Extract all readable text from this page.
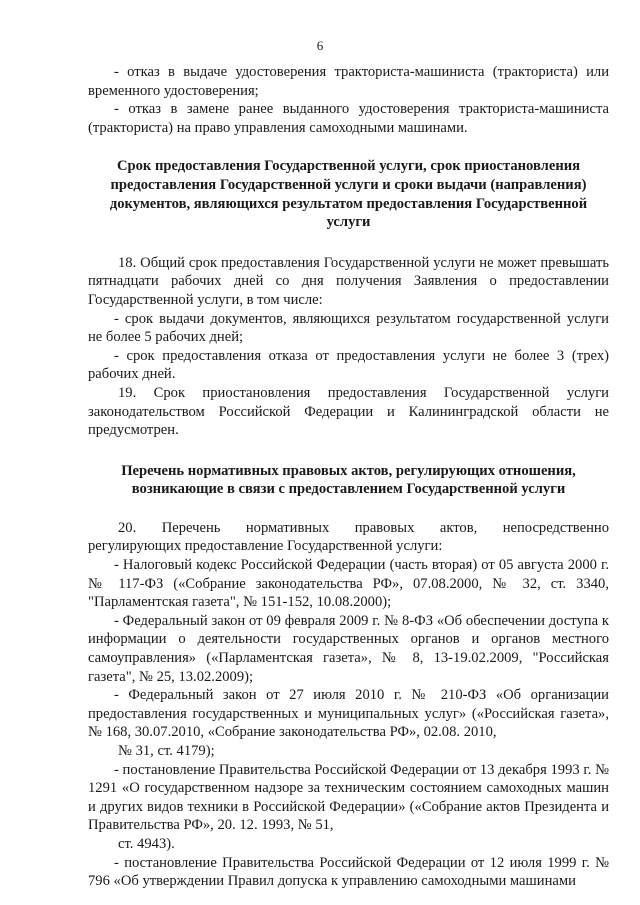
6

- отказ в выдаче удостоверения тракториста-машиниста (тракториста) или временного удостоверения;

- отказ в замене ранее выданного удостоверения тракториста-машиниста (тракториста) на право управления самоходными машинами.

Срок предоставления Государственной услуги, срок приостановления предоставления Государственной услуги и сроки выдачи (направления) документов, являющихся результатом предоставления Государственной услуги

18. Общий срок предоставления Государственной услуги не может превышать пятнадцати рабочих дней со дня получения Заявления о предоставлении Государственной услуги, в том числе:

- срок выдачи документов, являющихся результатом государственной услуги не более 5 рабочих дней;

- срок предоставления отказа от предоставления услуги не более 3 (трех) рабочих дней.

19. Срок приостановления предоставления Государственной услуги законодательством Российской Федерации и Калининградской области не предусмотрен.

Перечень нормативных правовых актов, регулирующих отношения, возникающие в связи с предоставлением Государственной услуги

20. Перечень нормативных правовых актов, непосредственно

регулирующих предоставление Государственной услуги:

- Налоговый кодекс Российской Федерации (часть вторая) от 05 августа 2000 г. № 117-ФЗ («Собрание законодательства РФ», 07.08.2000, № 32, ст. 3340, "Парламентская газета", № 151-152, 10.08.2000);

- Федеральный закон от 09 февраля 2009 г. № 8-ФЗ «Об обеспечении доступа к информации о деятельности государственных органов и органов местного самоуправления» («Парламентская газета», № 8, 13-19.02.2009, "Российская газета", № 25, 13.02.2009);

- Федеральный закон от 27 июля 2010 г. № 210-ФЗ «Об организации предоставления государственных и муниципальных услуг» («Российская газета», № 168, 30.07.2010, «Собрание законодательства РФ», 02.08. 2010,

№ 31, ст. 4179);

- постановление Правительства Российской Федерации от 13 декабря 1993 г. № 1291 «О государственном надзоре за техническим состоянием самоходных машин и других видов техники в Российской Федерации» («Собрание актов Президента и Правительства РФ», 20. 12. 1993, № 51,

ст. 4943).

- постановление Правительства Российской Федерации от 12 июля 1999 г. № 796 «Об утверждении Правил допуска к управлению самоходными машинами
